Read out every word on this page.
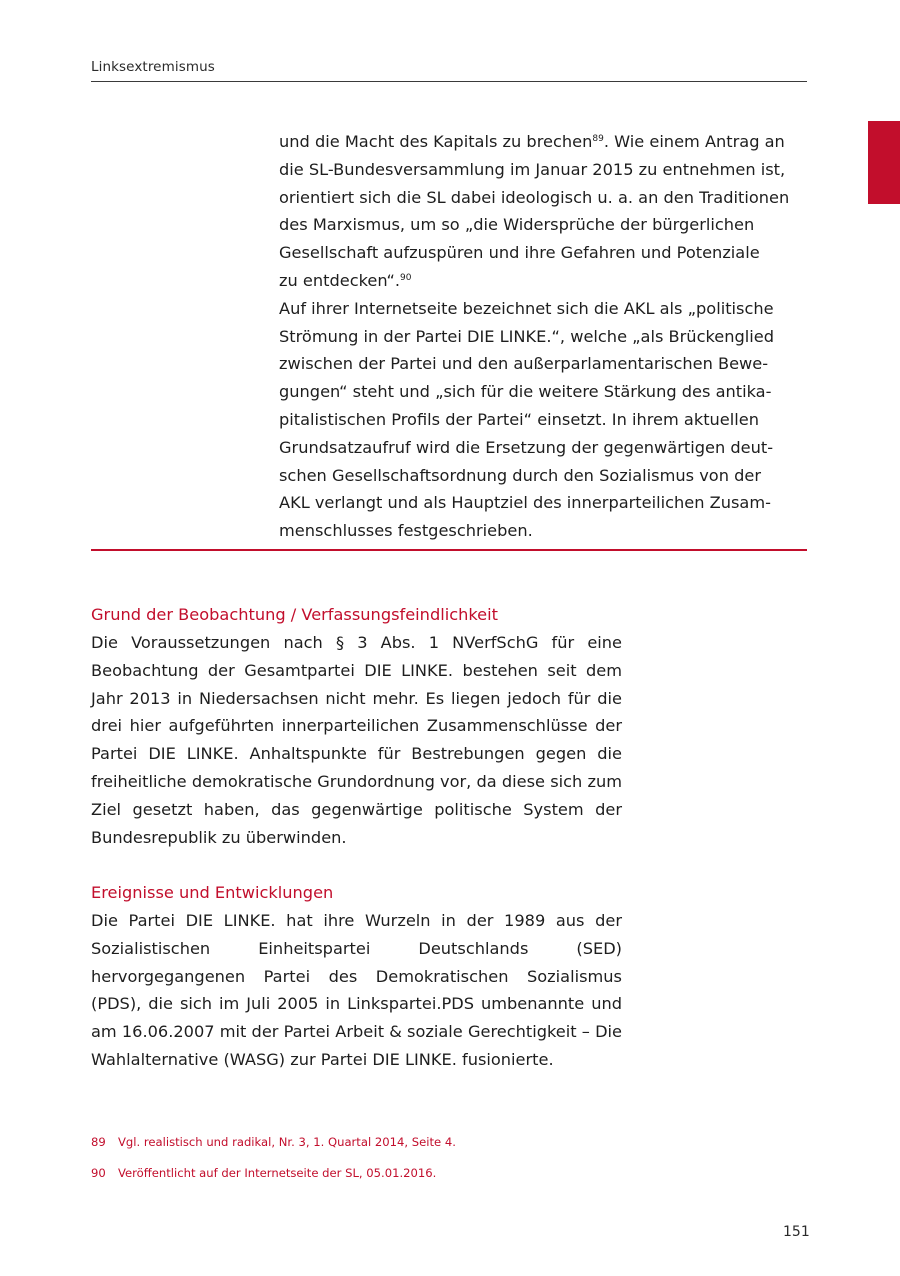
Linksextremismus

und die Macht des Kapitals zu brechen$^{89}$. Wie einem Antrag an
die SL-Bundesversammlung im Januar 2015 zu entnehmen ist,
orientiert sich die SL dabei ideologisch u. a. an den Traditionen
des Marxismus, um so „die Widersprüche der bürgerlichen
Gesellschaft aufzuspüren und ihre Gefahren und Potenziale
zu entdecken“.$^{90}$

Auf ihrer Internetseite bezeichnet sich die AKL als „politische
Strömung in der Partei DIE LINKE.“, welche „als Brückenglied
zwischen der Partei und den außerparlamentarischen Bewe-
gungen“ steht und „sich für die weitere Stärkung des antika-
pitalistischen Profils der Partei“ einsetzt. In ihrem aktuellen
Grundsatzaufruf wird die Ersetzung der gegenwärtigen deut-
schen Gesellschaftsordnung durch den Sozialismus von der
AKL verlangt und als Hauptziel des innerparteilichen Zusam-
menschlusses festgeschrieben.

Grund der Beobachtung / Verfassungsfeindlichkeit

Die Voraussetzungen nach § 3 Abs. 1 NVerfSchG für eine Beobachtung der Gesamtpartei DIE LINKE. bestehen seit dem Jahr 2013 in Niedersachsen nicht mehr. Es liegen jedoch für die drei hier aufgeführten innerparteilichen Zusammenschlüsse der Partei DIE LINKE. Anhaltspunkte für Bestrebungen gegen die freiheitliche demokratische Grundordnung vor, da diese sich zum Ziel gesetzt haben, das gegenwärtige politische System der Bundesrepublik zu überwinden.

Ereignisse und Entwicklungen

Die Partei DIE LINKE. hat ihre Wurzeln in der 1989 aus der Sozialistischen Einheitspartei Deutschlands (SED) hervorgegangenen Partei des Demokratischen Sozialismus (PDS), die sich im Juli 2005 in Linkspartei.PDS umbenannte und am 16.06.2007 mit der Partei Arbeit & soziale Gerechtigkeit – Die Wahlalternative (WASG) zur Partei DIE LINKE. fusionierte.

89 Vgl. realistisch und radikal, Nr. 3, 1. Quartal 2014, Seite 4.
90 Veröffentlicht auf der Internetseite der SL, 05.01.2016.
151
